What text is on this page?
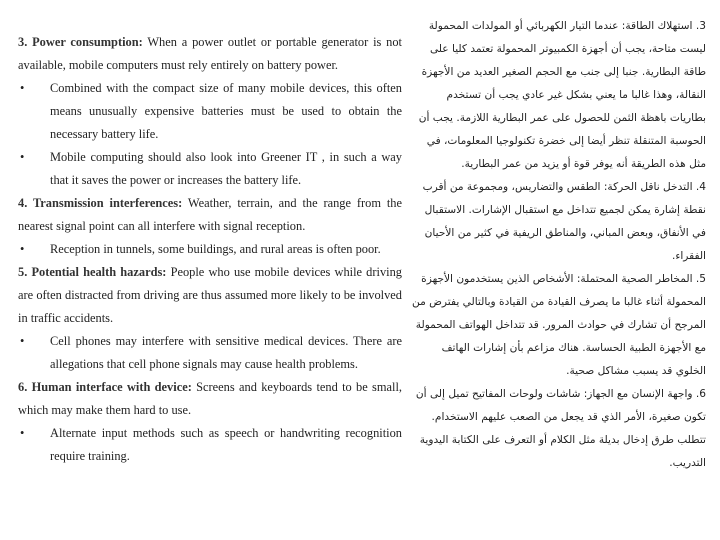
3. Power consumption: When a power outlet or portable generator is not available, mobile computers must rely entirely on battery power.

•	Combined with the compact size of many mobile devices, this often means unusually expensive batteries must be used to obtain the necessary battery life.
•	Mobile computing should also look into Greener IT , in such a way that it saves the power or increases the battery life.

4. Transmission interferences: Weather, terrain, and the range from the nearest signal point can all interfere with signal reception.

•	Reception in tunnels, some buildings, and rural areas is often poor.

5. Potential health hazards: People who use mobile devices while driving are often distracted from driving are thus assumed more likely to be involved in traffic accidents.

•	Cell phones may interfere with sensitive medical devices. There are allegations that cell phone signals may cause health problems.

6. Human interface with device: Screens and keyboards tend to be small, which may make them hard to use.

•	Alternate input methods such as speech or handwriting recognition require training.

3. استهلاك الطاقة: عندما التيار الكهربائي أو المولدات المحمولة ليست متاحة، يجب أن أجهزة الكمبيوتر المحمولة تعتمد كليا على طاقة البطارية. جنبا إلى جنب مع الحجم الصغير العديد من الأجهزة النقالة، وهذا غالبا ما يعني بشكل غير عادي يجب أن تستخدم بطاريات باهظة الثمن للحصول على عمر البطارية اللازمة. يجب أن الحوسبة المتنقلة تنظر أيضا إلى خضرة تكنولوجيا المعلومات، في مثل هذه الطريقة أنه يوفر قوة أو يزيد من عمر البطارية.

4. التدخل ناقل الحركة: الطقس والتضاريس، ومجموعة من أقرب نقطة إشارة يمكن لجميع تتداخل مع استقبال الإشارات. الاستقبال في الأنفاق، وبعض المباني، والمناطق الريفية في كثير من الأحيان الفقراء.

5. المخاطر الصحية المحتملة: الأشخاص الذين يستخدمون الأجهزة المحمولة أثناء غالبا ما يصرف القيادة من القيادة وبالتالي يفترض من المرجح أن تشارك في حوادث المرور. قد تتداخل الهواتف المحمولة مع الأجهزة الطبية الحساسة. هناك مزاعم بأن إشارات الهاتف الخلوي قد يسبب مشاكل صحية.

6. واجهة الإنسان مع الجهاز: شاشات ولوحات المفاتيح تميل إلى أن تكون صغيرة، الأمر الذي قد يجعل من الصعب عليهم الاستخدام. تتطلب طرق إدخال بديلة مثل الكلام أو التعرف على الكتابة اليدوية التدريب.
